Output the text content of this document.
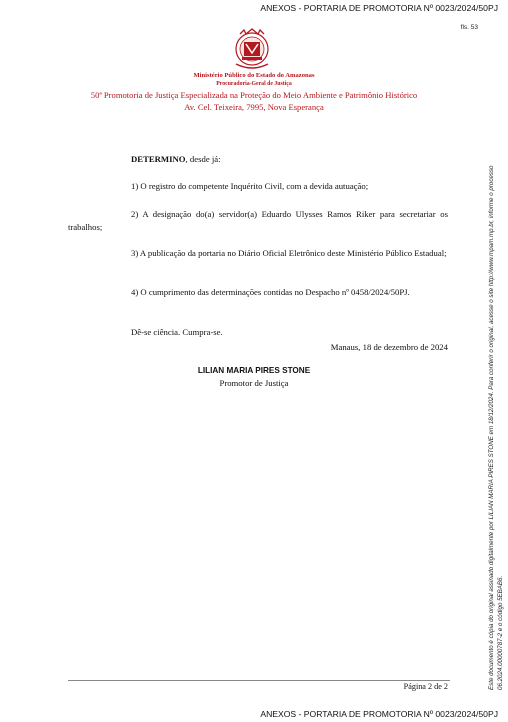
ANEXOS - PORTARIA DE PROMOTORIA Nº 0023/2024/50PJ
fls. 53
Ministério Público do Estado do Amazonas
Procuradoria-Geral de Justiça
50ª Promotoria de Justiça Especializada na Proteção do Meio Ambiente e Patrimônio Histórico
Av. Cel. Teixeira, 7995, Nova Esperança
DETERMINO, desde já:
1) O registro do competente Inquérito Civil, com a devida autuação;
2) A designação do(a) servidor(a) Eduardo Ulysses Ramos Riker para secretariar os trabalhos;
3) A publicação da portaria no Diário Oficial Eletrônico deste Ministério Público Estadual;
4) O cumprimento das determinações contidas no Despacho nº 0458/2024/50PJ.
Dê-se ciência. Cumpra-se.
Manaus, 18 de dezembro de 2024
LILIAN MARIA PIRES STONE
Promotor de Justiça
Página 2 de 2
ANEXOS - PORTARIA DE PROMOTORIA Nº 0023/2024/50PJ
Este documento é cópia do original assinado digitalmente por LILIAN MARIA PIRES STONE em 18/12/2024. Para conferir o original, acesse o site http://www.mpam.mp.br, informe o processo 06.2024.00000787-2 e o código 5EBAB6.
